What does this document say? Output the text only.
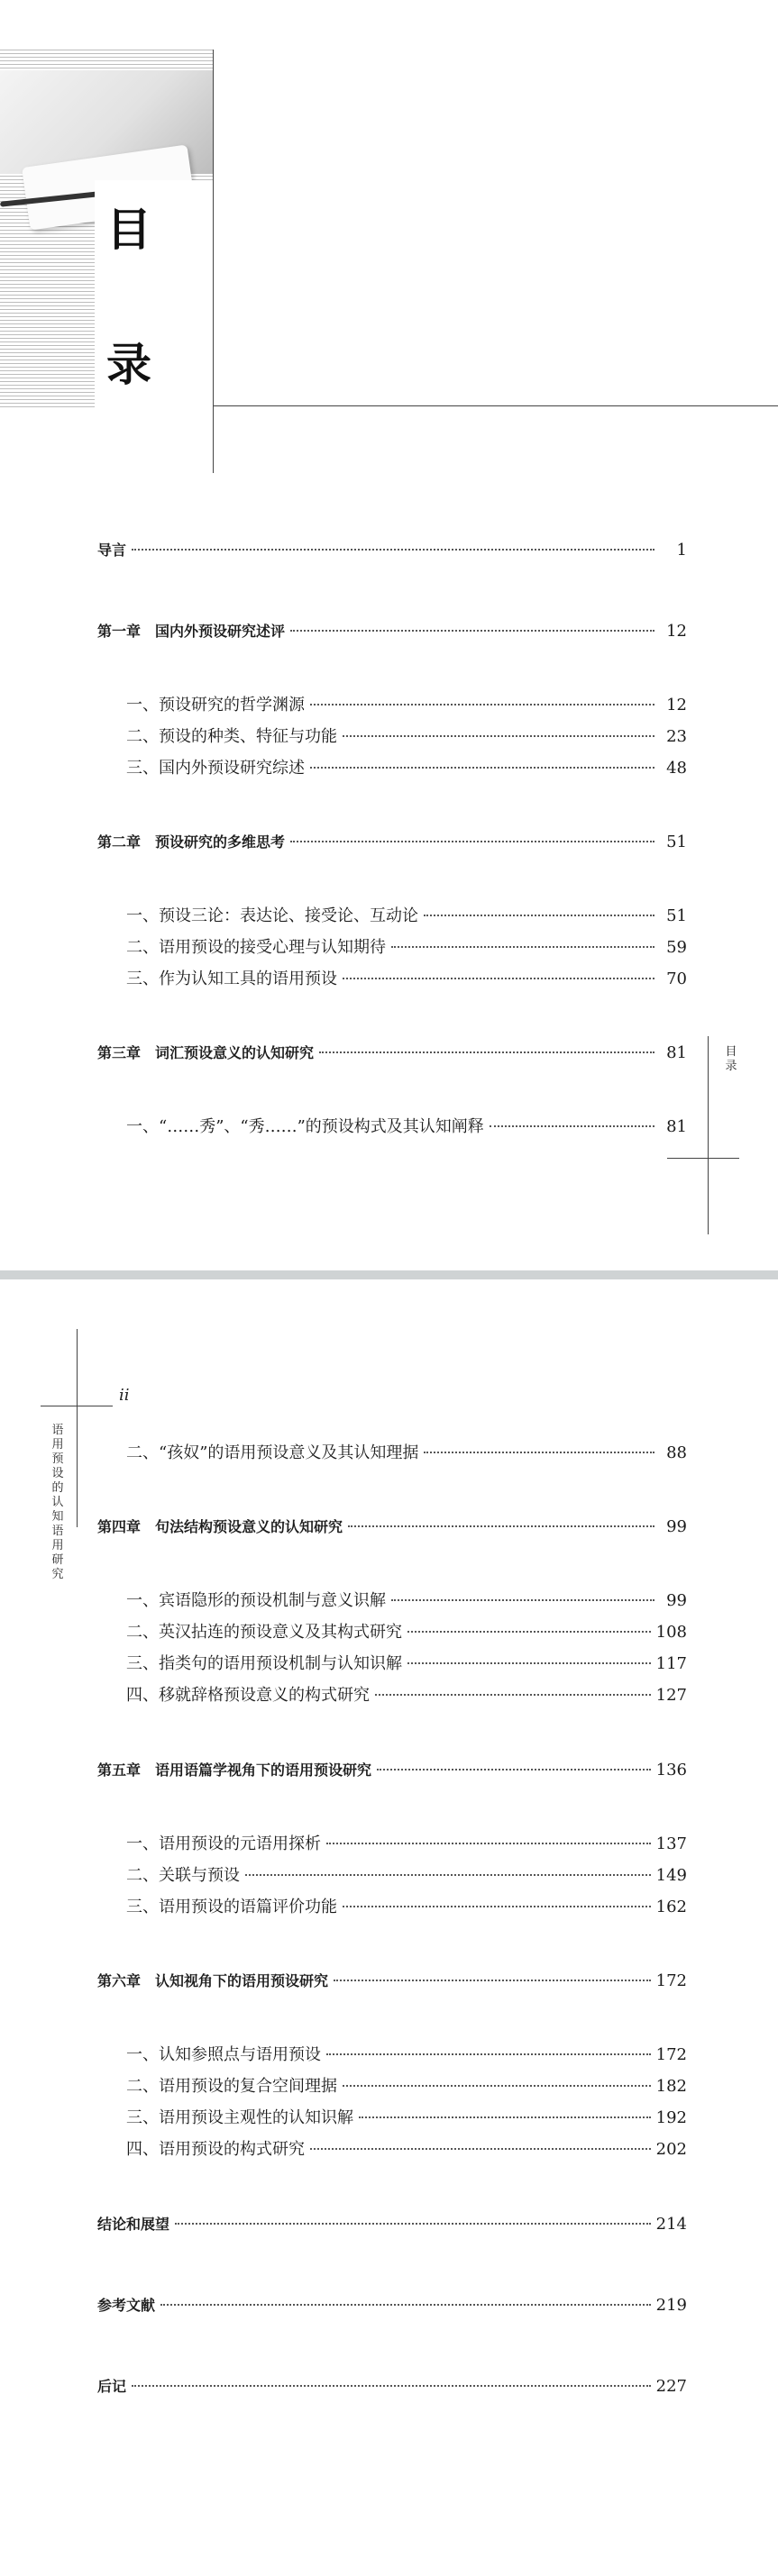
目
录
导言	1
第一章　国内外预设研究述评	12
一、预设研究的哲学渊源	12
二、预设的种类、特征与功能	23
三、国内外预设研究综述	48
第二章　预设研究的多维思考	51
一、预设三论：表达论、接受论、互动论	51
二、语用预设的接受心理与认知期待	59
三、作为认知工具的语用预设	70
第三章　词汇预设意义的认知研究	81
一、“……秀”、“秀……”的预设构式及其认知阐释	81
目录
ii
语用预设的认知语用研究
二、“孩奴”的语用预设意义及其认知理据	88
第四章　句法结构预设意义的认知研究	99
一、宾语隐形的预设机制与意义识解	99
二、英汉拈连的预设意义及其构式研究	108
三、指类句的语用预设机制与认知识解	117
四、移就辞格预设意义的构式研究	127
第五章　语用语篇学视角下的语用预设研究	136
一、语用预设的元语用探析	137
二、关联与预设	149
三、语用预设的语篇评价功能	162
第六章　认知视角下的语用预设研究	172
一、认知参照点与语用预设	172
二、语用预设的复合空间理据	182
三、语用预设主观性的认知识解	192
四、语用预设的构式研究	202
结论和展望	214
参考文献	219
后记	227
